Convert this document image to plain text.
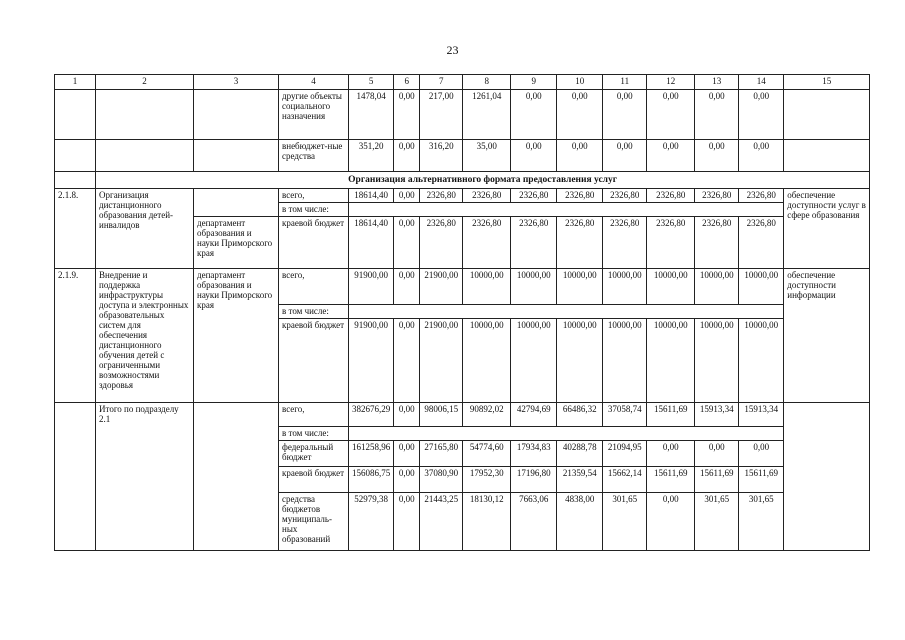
23
1	2	3	4	5	6	7	8	9	10	11	12	13	14	15
			другие объекты социального назначения	1478,04	0,00	217,00	1261,04	0,00	0,00	0,00	0,00	0,00	0,00	
			внебюджет-ные средства	351,20	0,00	316,20	35,00	0,00	0,00	0,00	0,00	0,00	0,00	
	Организация альтернативного формата предоставления услуг													
2.1.8.	Организация дистанционного образования детей-инвалидов		всего,	18614,40	0,00	2326,80	2326,80	2326,80	2326,80	2326,80	2326,80	2326,80	2326,80	обеспечение доступности услуг в сфере образования
			в том числе:											
		департамент образования и науки Приморского края	краевой бюджет	18614,40	0,00	2326,80	2326,80	2326,80	2326,80	2326,80	2326,80	2326,80	2326,80	
2.1.9.	Внедрение и поддержка инфраструктуры доступа и электронных образовательных систем для обеспечения дистанционного обучения детей с ограниченными возможностями здоровья	департамент образования и науки Приморского края	всего,	91900,00	0,00	21900,00	10000,00	10000,00	10000,00	10000,00	10000,00	10000,00	10000,00	обеспечение доступности информации
			в том числе:											
			краевой бюджет	91900,00	0,00	21900,00	10000,00	10000,00	10000,00	10000,00	10000,00	10000,00	10000,00	
	Итого по подразделу 2.1		всего,	382676,29	0,00	98006,15	90892,02	42794,69	66486,32	37058,74	15611,69	15913,34	15913,34	
			в том числе:											
			федеральный бюджет	161258,96	0,00	27165,80	54774,60	17934,83	40288,78	21094,95	0,00	0,00	0,00	
			краевой бюджет	156086,75	0,00	37080,90	17952,30	17196,80	21359,54	15662,14	15611,69	15611,69	15611,69	
			средства бюджетов муниципаль-ных образований	52979,38	0,00	21443,25	18130,12	7663,06	4838,00	301,65	0,00	301,65	301,65	
